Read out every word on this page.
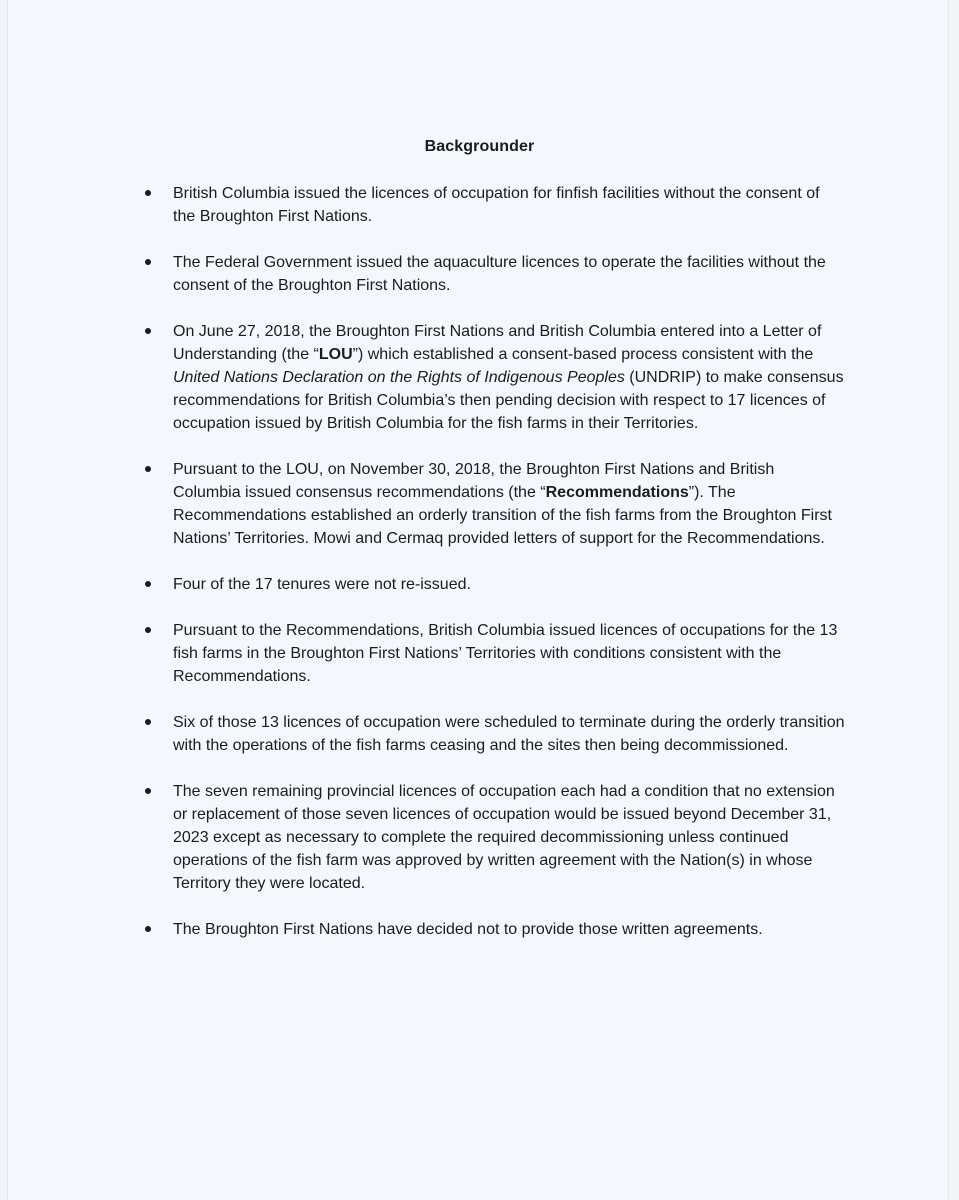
Backgrounder

British Columbia issued the licences of occupation for finfish facilities without the consent of the Broughton First Nations.

The Federal Government issued the aquaculture licences to operate the facilities without the consent of the Broughton First Nations.

On June 27, 2018, the Broughton First Nations and British Columbia entered into a Letter of Understanding (the “LOU”) which established a consent-based process consistent with the United Nations Declaration on the Rights of Indigenous Peoples (UNDRIP) to make consensus recommendations for British Columbia’s then pending decision with respect to 17 licences of occupation issued by British Columbia for the fish farms in their Territories.

Pursuant to the LOU, on November 30, 2018, the Broughton First Nations and British Columbia issued consensus recommendations (the “Recommendations”). The Recommendations established an orderly transition of the fish farms from the Broughton First Nations’ Territories. Mowi and Cermaq provided letters of support for the Recommendations.

Four of the 17 tenures were not re-issued.

Pursuant to the Recommendations, British Columbia issued licences of occupations for the 13 fish farms in the Broughton First Nations’ Territories with conditions consistent with the Recommendations.

Six of those 13 licences of occupation were scheduled to terminate during the orderly transition with the operations of the fish farms ceasing and the sites then being decommissioned.

The seven remaining provincial licences of occupation each had a condition that no extension or replacement of those seven licences of occupation would be issued beyond December 31, 2023 except as necessary to complete the required decommissioning unless continued operations of the fish farm was approved by written agreement with the Nation(s) in whose Territory they were located.

The Broughton First Nations have decided not to provide those written agreements.
